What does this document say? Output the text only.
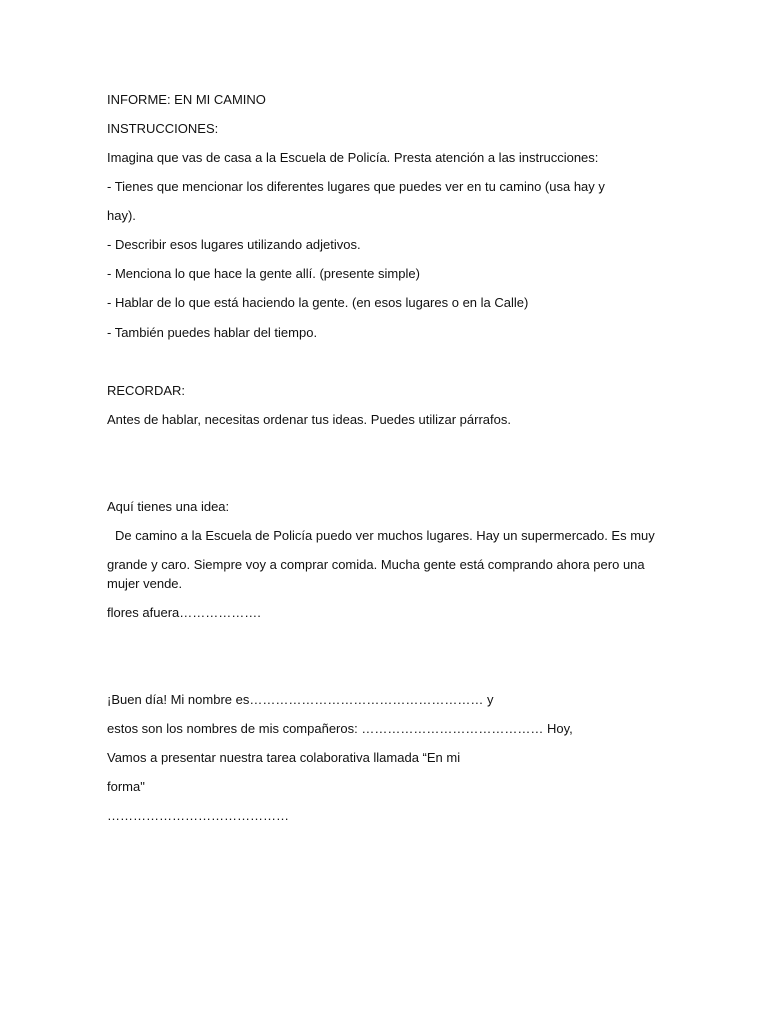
INFORME: EN MI CAMINO

INSTRUCCIONES:

Imagina que vas de casa a la Escuela de Policía. Presta atención a las instrucciones:

- Tienes que mencionar los diferentes lugares que puedes ver en tu camino (usa hay y

hay).

- Describir esos lugares utilizando adjetivos.

- Menciona lo que hace la gente allí. (presente simple)

- Hablar de lo que está haciendo la gente. (en esos lugares o en la Calle)

- También puedes hablar del tiempo.

RECORDAR:

Antes de hablar, necesitas ordenar tus ideas. Puedes utilizar párrafos.

Aquí tienes una idea:

De camino a la Escuela de Policía puedo ver muchos lugares. Hay un supermercado. Es muy

grande y caro. Siempre voy a comprar comida. Mucha gente está comprando ahora pero una

mujer vende.

flores afuera……………….

¡Buen día! Mi nombre es……………………………………………… y

estos son los nombres de mis compañeros: …………………………………… Hoy,

Vamos a presentar nuestra tarea colaborativa llamada “En mi

forma"

……………………………………
